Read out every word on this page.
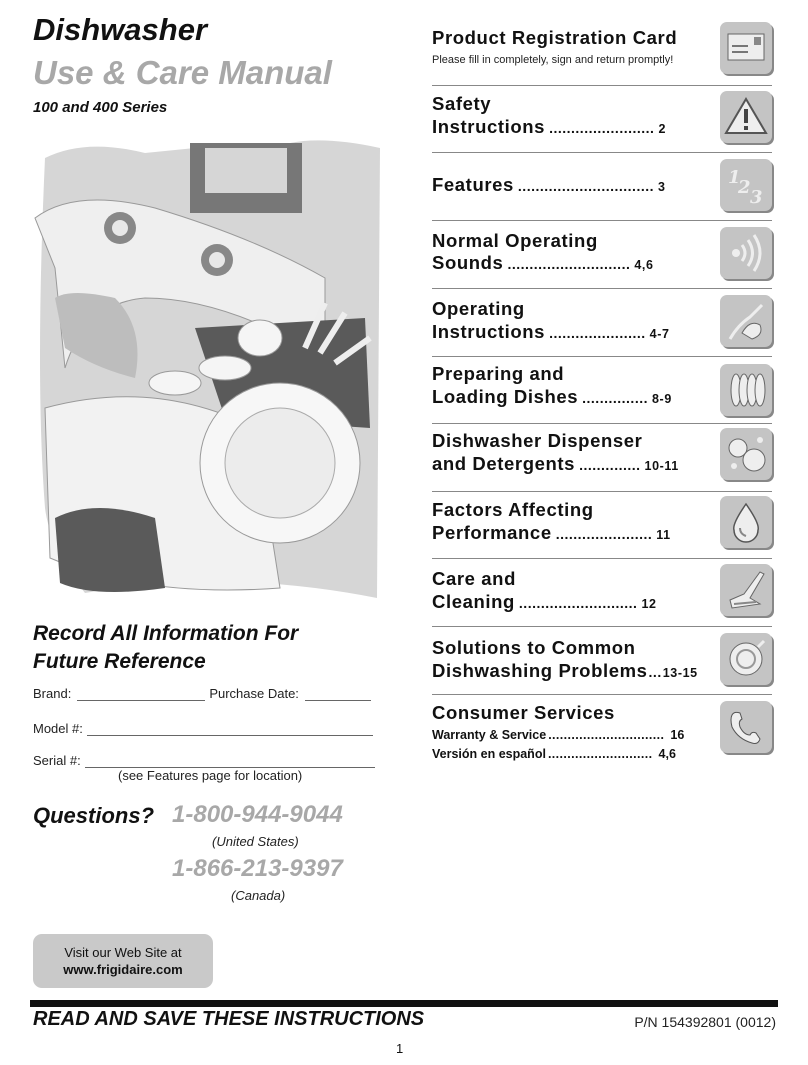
Dishwasher
Use & Care Manual
100 and 400 Series
Record All Information For Future Reference
Brand:	Purchase Date:
Model #:
Serial #:
(see Features page for location)
Questions? 1-800-944-9044
(United States)
1-866-213-9397
(Canada)
Visit our Web Site at
www.frigidaire.com
READ AND SAVE THESE INSTRUCTIONS	P/N 154392801 (0012)
1
Product Registration Card
Please fill in completely, sign and return promptly!
Safety
Instructions ........................ 2
Features ............................... 3	1
2 3
Normal Operating
Sounds ............................ 4,6
Operating
Instructions ...................... 4-7
Preparing and
Loading Dishes ............... 8-9
Dishwasher Dispenser
and Detergents .............. 10-11
Factors Affecting
Performance ...................... 11
Care and
Cleaning ........................... 12
Solutions to Common
Dishwashing Problems ... 13-15
Consumer Services
Warranty & Service .............................. 16
Versión en español ........................... 4,6
